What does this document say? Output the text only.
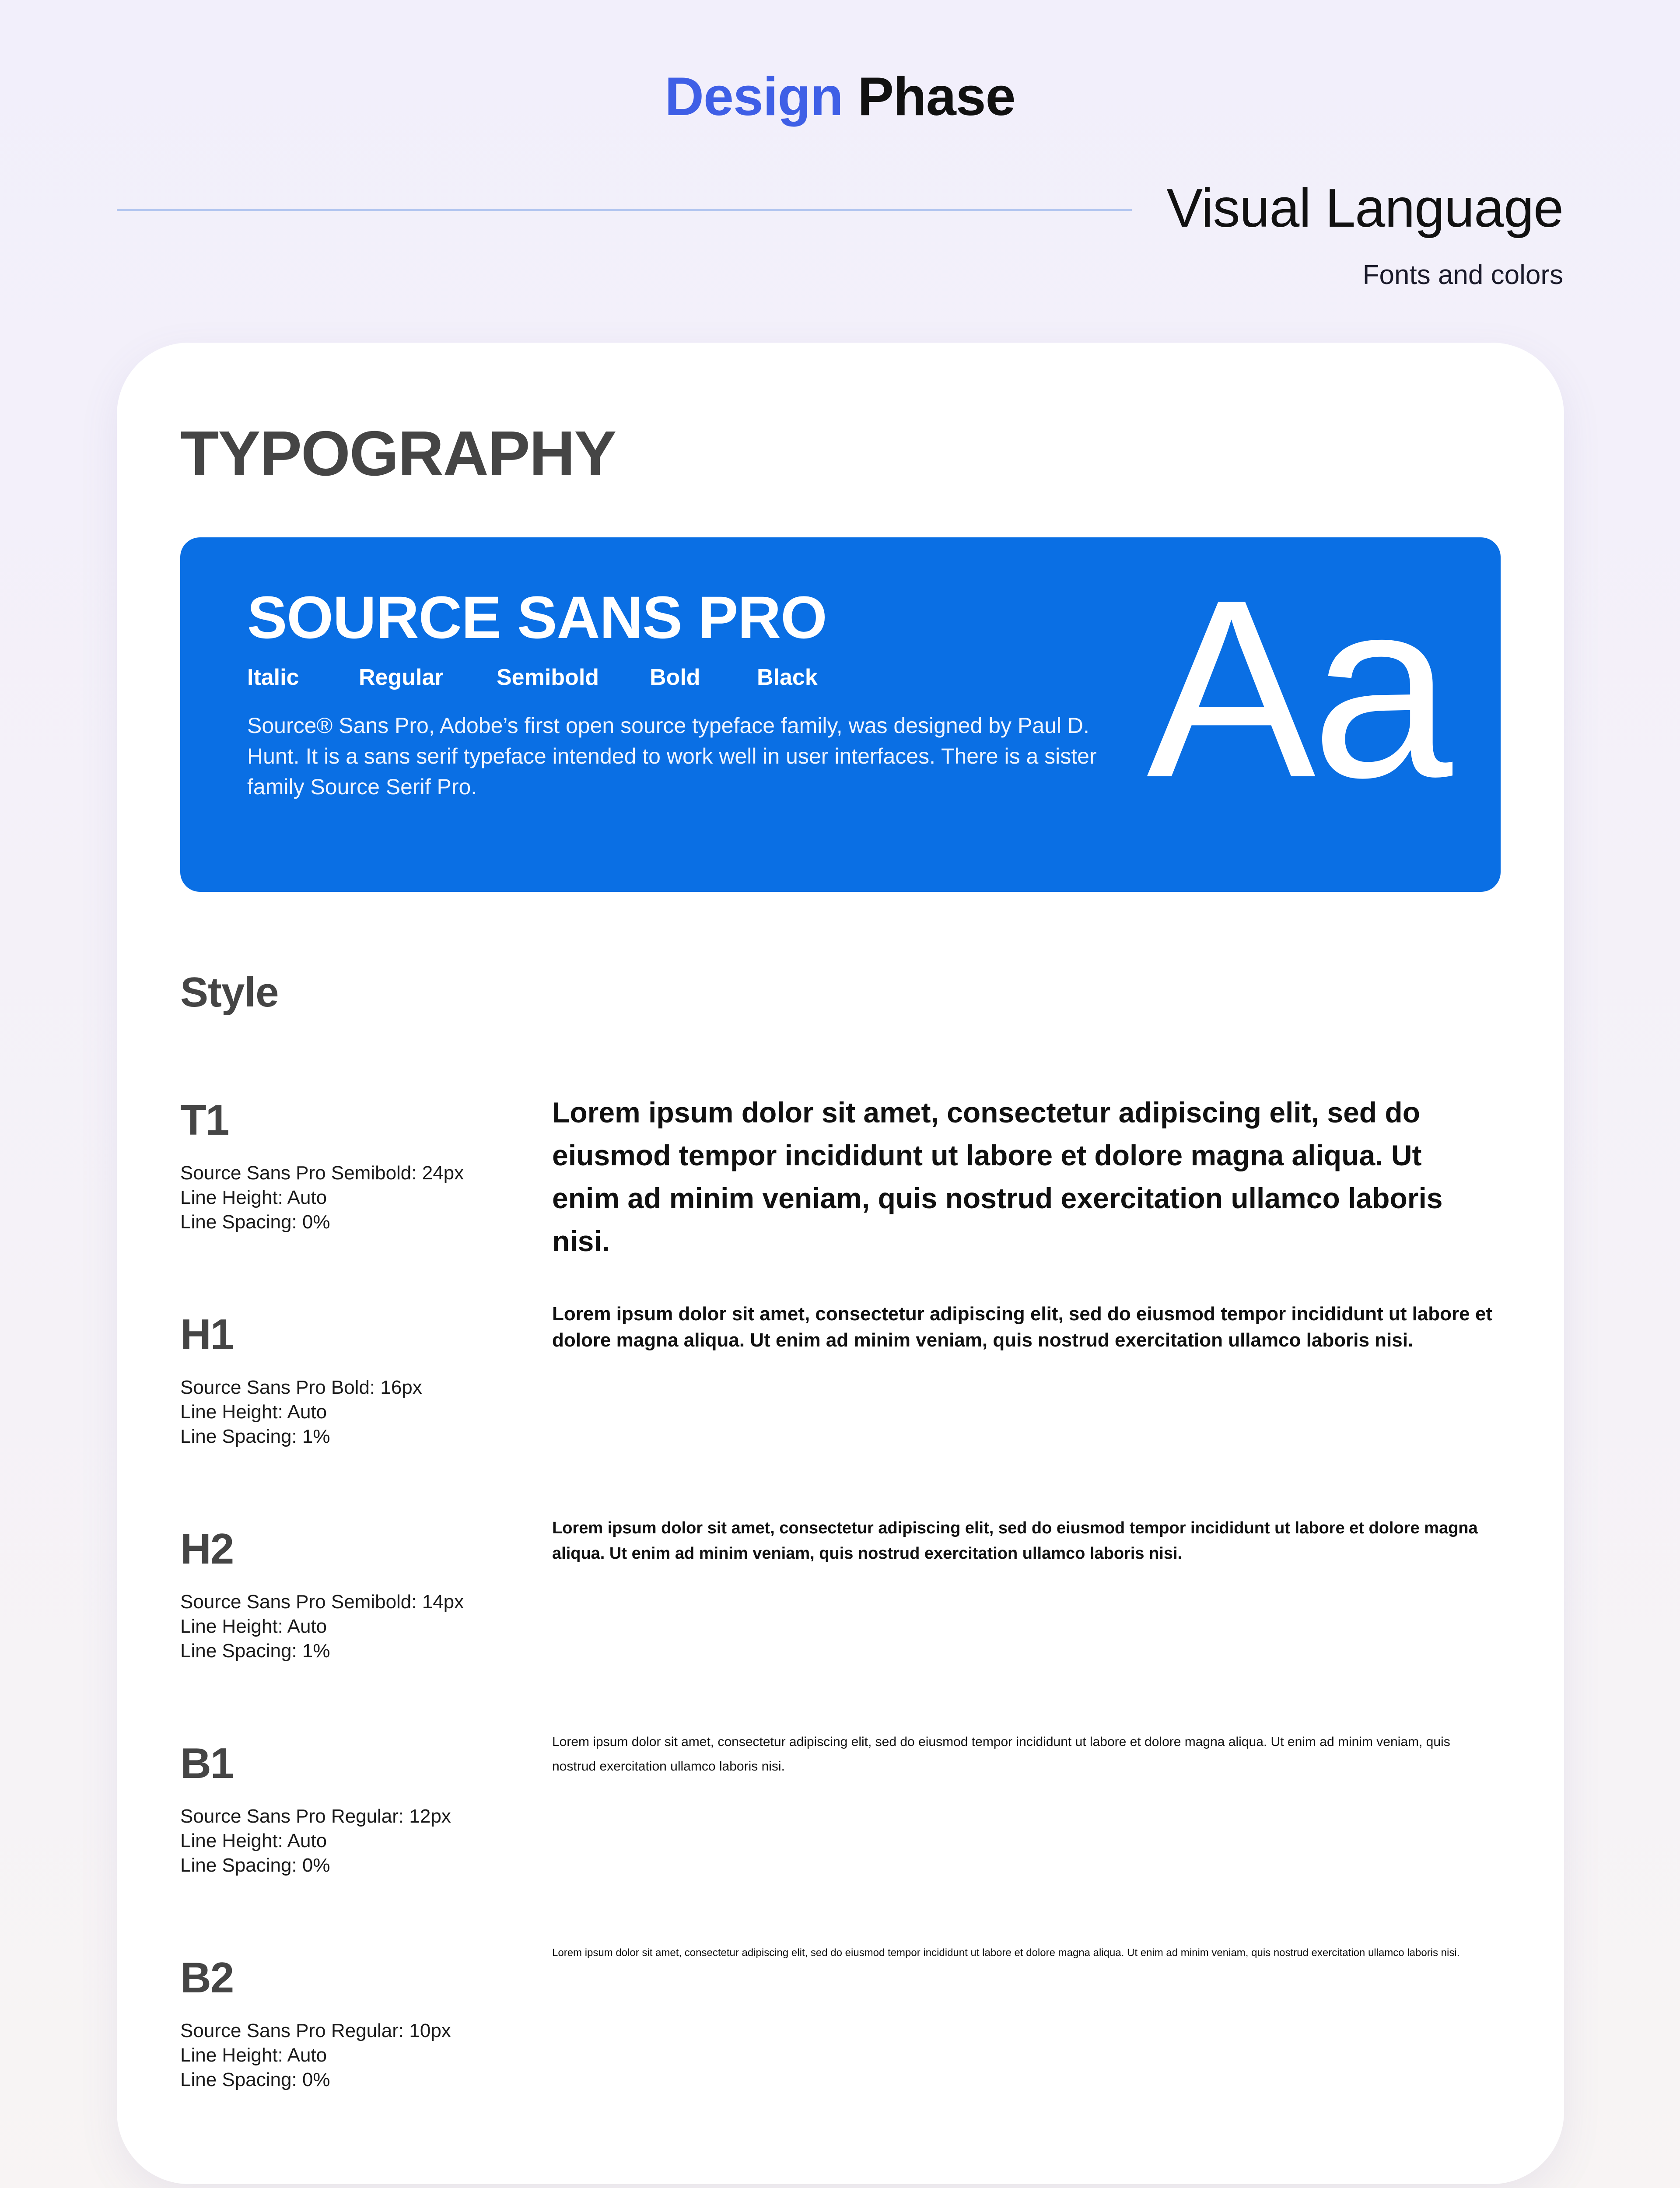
Design Phase
Visual Language
Fonts and colors
TYPOGRAPHY
SOURCE SANS PRO
Italic	Regular Semibold Bold Black
Source® Sans Pro, Adobe’s first open source typeface family, was designed by Paul D. Hunt. It is a sans serif typeface intended to work well in user interfaces. There is a sister family Source Serif Pro.	Aa
Style
T1
Source Sans Pro Semibold: 24px
Line Height: Auto
Line Spacing: 0%
Lorem ipsum dolor sit amet, consectetur adipiscing elit, sed do eiusmod tempor incididunt ut labore et dolore magna aliqua. Ut enim ad minim veniam, quis nostrud exercitation ullamco laboris nisi.
H1
Source Sans Pro Bold: 16px
Line Height: Auto
Line Spacing: 1%
Lorem ipsum dolor sit amet, consectetur adipiscing elit, sed do eiusmod tempor incididunt ut labore et dolore magna aliqua. Ut enim ad minim veniam, quis nostrud exercitation ullamco laboris nisi.
H2
Source Sans Pro Semibold: 14px
Line Height: Auto
Line Spacing: 1%
Lorem ipsum dolor sit amet, consectetur adipiscing elit, sed do eiusmod tempor incididunt ut labore et dolore magna aliqua. Ut enim ad minim veniam, quis nostrud exercitation ullamco laboris nisi.
B1
Source Sans Pro Regular: 12px
Line Height: Auto
Line Spacing: 0%
Lorem ipsum dolor sit amet, consectetur adipiscing elit, sed do eiusmod tempor incididunt ut labore et dolore magna aliqua. Ut enim ad minim veniam, quis nostrud exercitation ullamco laboris nisi.
B2
Source Sans Pro Regular: 10px
Line Height: Auto
Line Spacing: 0%
Lorem ipsum dolor sit amet, consectetur adipiscing elit, sed do eiusmod tempor incididunt ut labore et dolore magna aliqua. Ut enim ad minim veniam, quis nostrud exercitation ullamco laboris nisi.
